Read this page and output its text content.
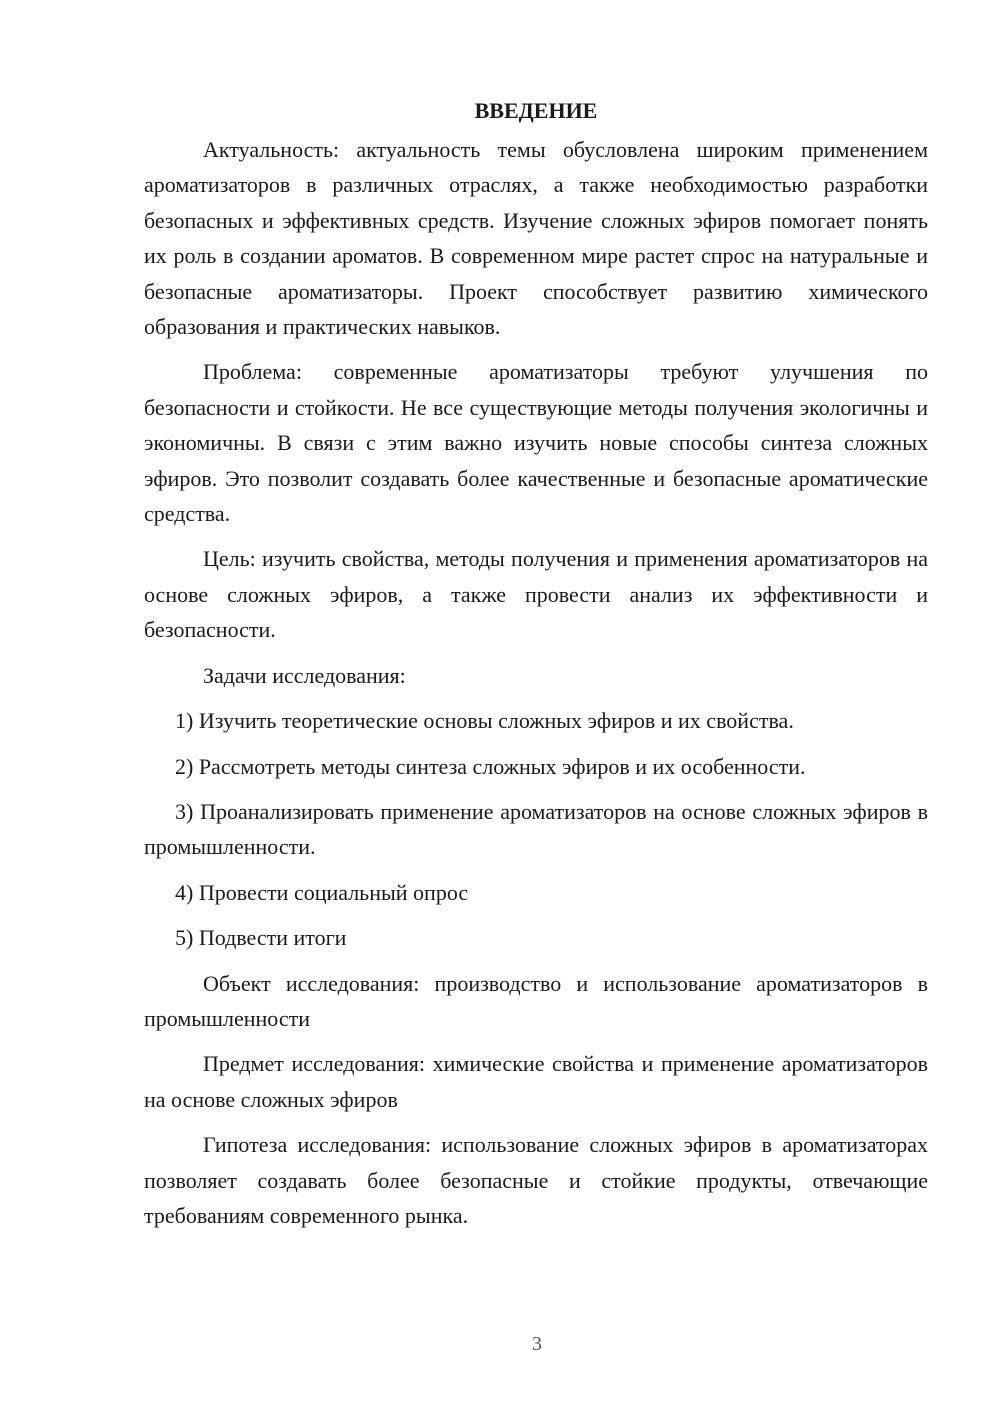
ВВЕДЕНИЕ

Актуальность: актуальность темы обусловлена широким применением ароматизаторов в различных отраслях, а также необходимостью разработки безопасных и эффективных средств. Изучение сложных эфиров помогает понять их роль в создании ароматов. В современном мире растет спрос на натуральные и безопасные ароматизаторы. Проект способствует развитию химического образования и практических навыков.

Проблема: современные ароматизаторы требуют улучшения по безопасности и стойкости. Не все существующие методы получения экологичны и экономичны. В связи с этим важно изучить новые способы синтеза сложных эфиров. Это позволит создавать более качественные и безопасные ароматические средства.

Цель: изучить свойства, методы получения и применения ароматизаторов на основе сложных эфиров, а также провести анализ их эффективности и безопасности.

Задачи исследования:

1) Изучить теоретические основы сложных эфиров и их свойства.

2) Рассмотреть методы синтеза сложных эфиров и их особенности.

3) Проанализировать применение ароматизаторов на основе сложных эфиров в промышленности.

4) Провести социальный опрос

5) Подвести итоги

Объект исследования: производство и использование ароматизаторов в промышленности

Предмет исследования: химические свойства и применение ароматизаторов на основе сложных эфиров

Гипотеза исследования: использование сложных эфиров в ароматизаторах позволяет создавать более безопасные и стойкие продукты, отвечающие требованиям современного рынка.

3
